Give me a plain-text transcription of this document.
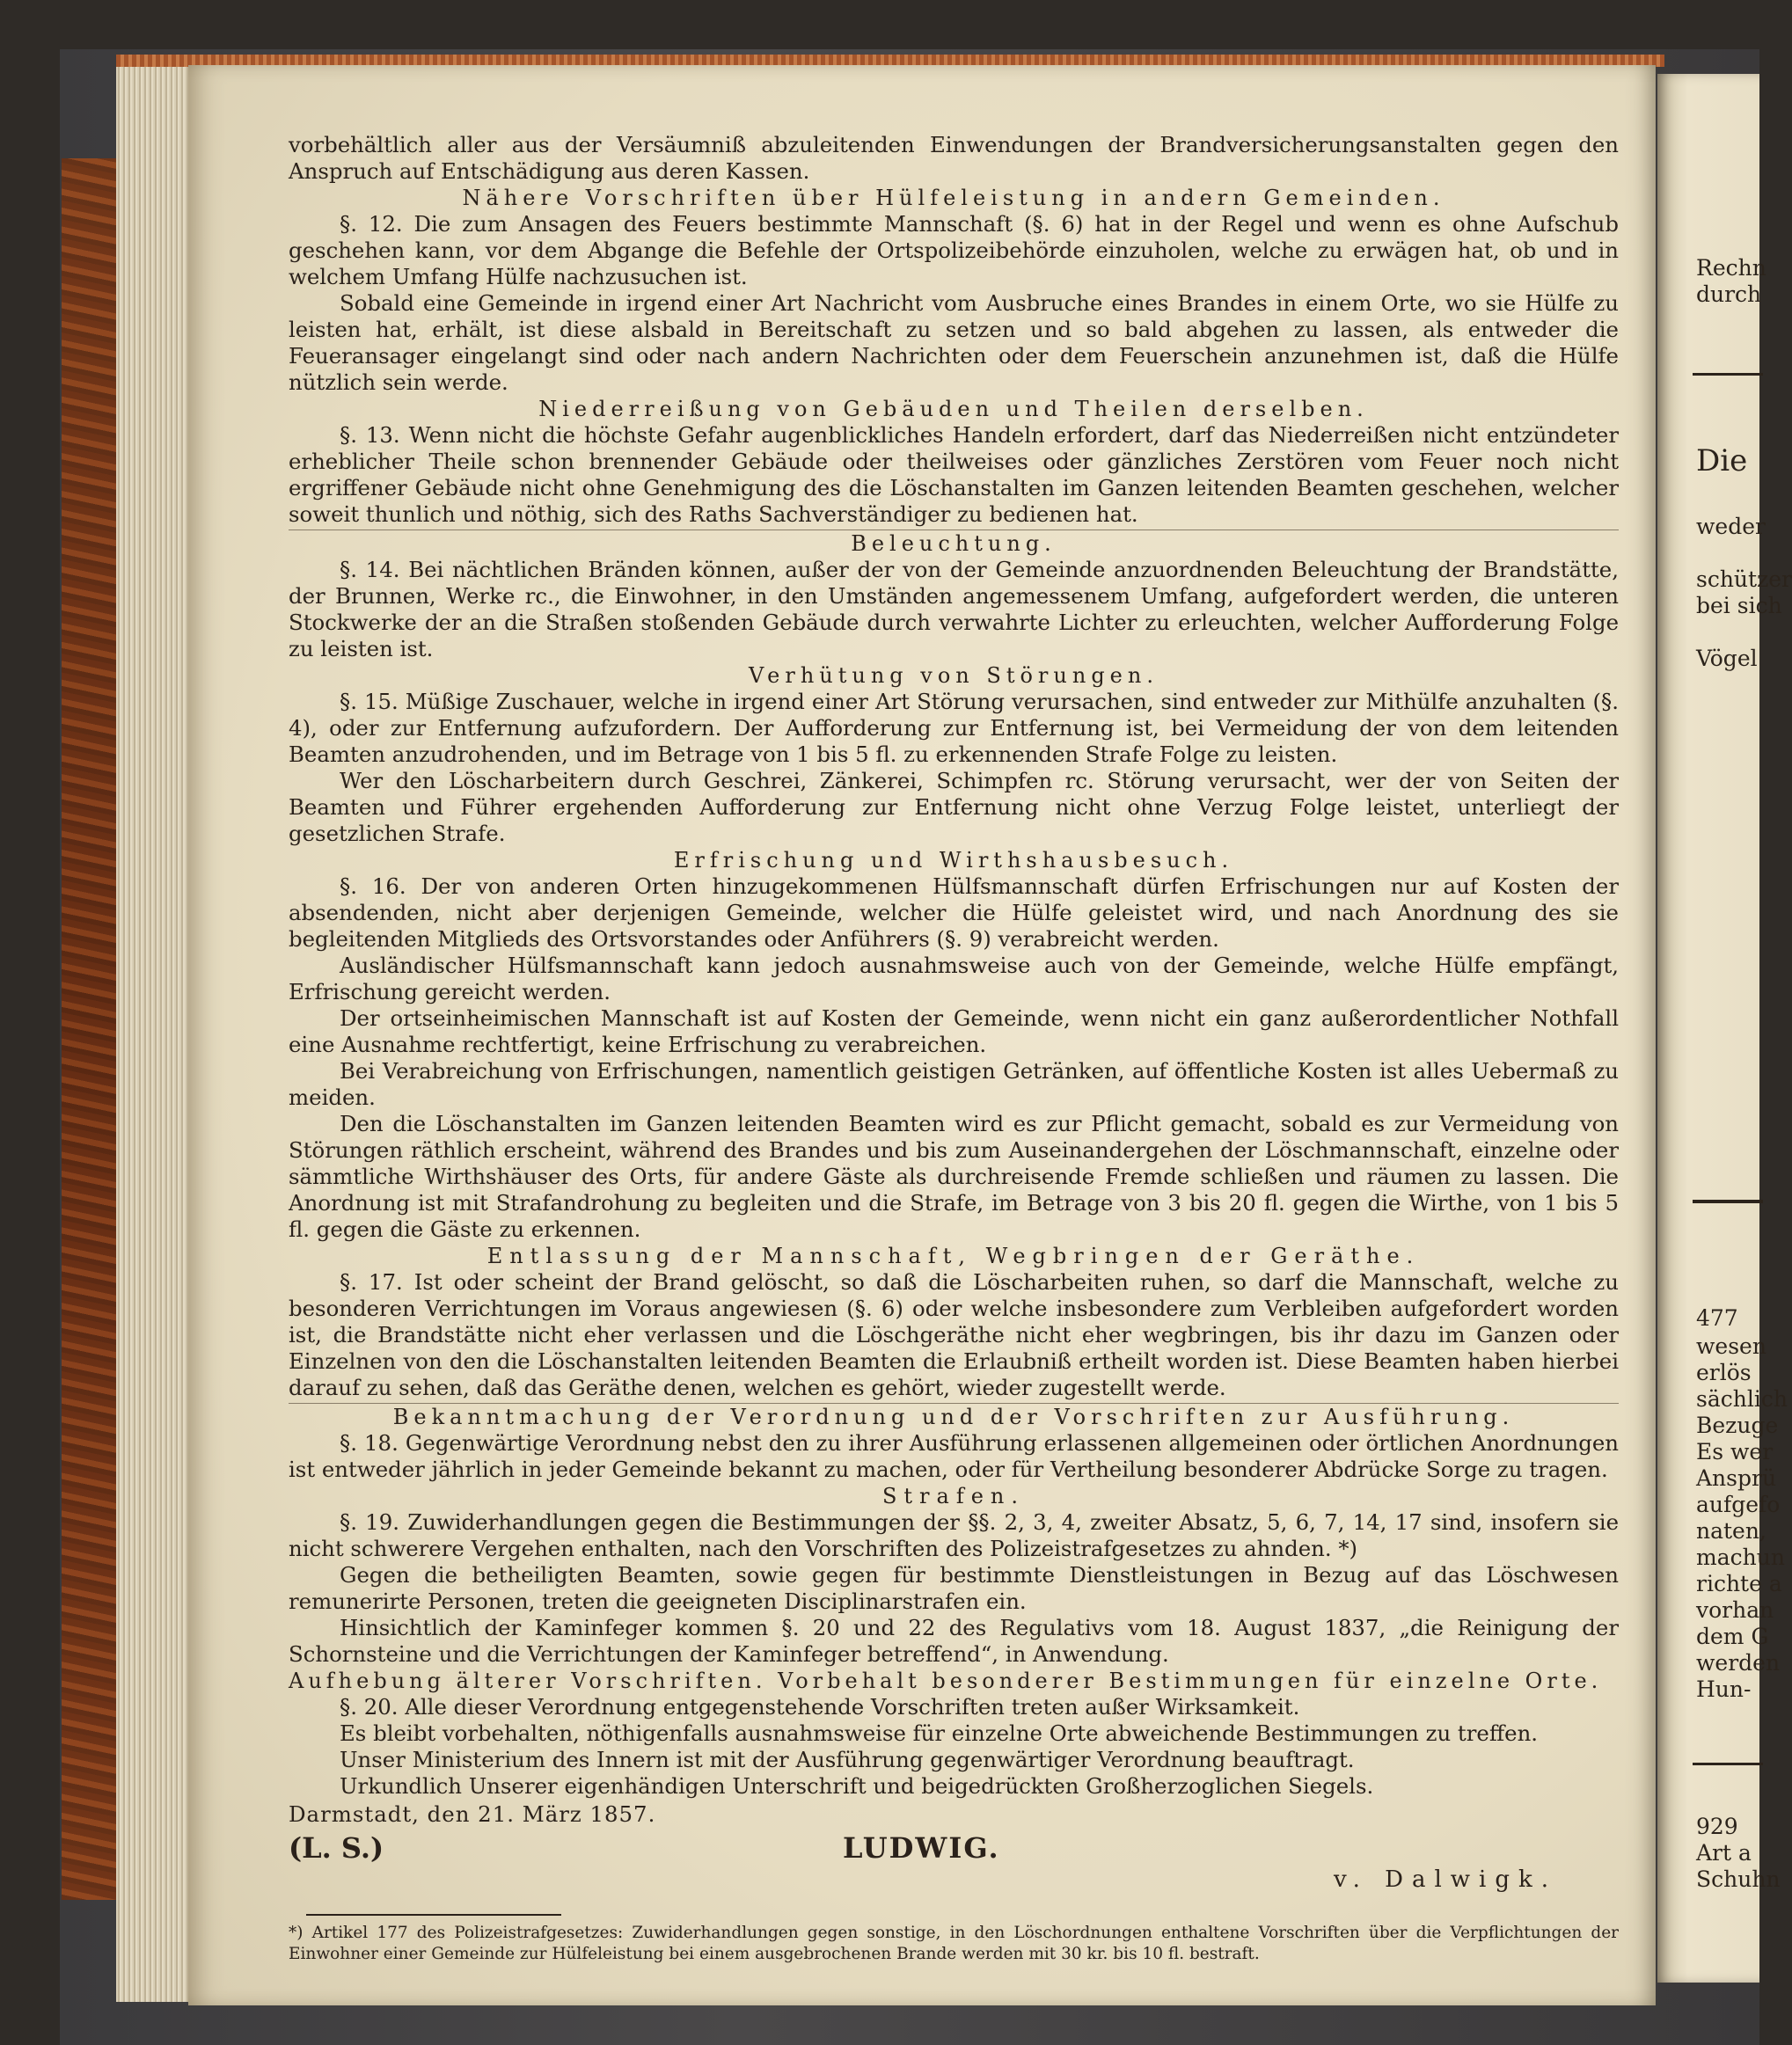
Rechn
durch
Die
weder
schützer
bei sich
Vögel
477
wesen
erlös
sächlich
Bezuge
Es wer
Ansprü
aufgefo
naten,
machun
richte a
vorhan
dem G
werden
Hun-
929
Art a
Schuhn

vorbehältlich aller aus der Versäumniß abzuleitenden Einwendungen der Brandversicherungsanstalten gegen den Anspruch auf Entschädigung aus deren Kassen.

Nähere Vorschriften über Hülfeleistung in andern Gemeinden.

§. 12. Die zum Ansagen des Feuers bestimmte Mannschaft (§. 6) hat in der Regel und wenn es ohne Aufschub geschehen kann, vor dem Abgange die Befehle der Ortspolizeibehörde einzuholen, welche zu erwägen hat, ob und in welchem Umfang Hülfe nachzusuchen ist.

Sobald eine Gemeinde in irgend einer Art Nachricht vom Ausbruche eines Brandes in einem Orte, wo sie Hülfe zu leisten hat, erhält, ist diese alsbald in Bereitschaft zu setzen und so bald abgehen zu lassen, als entweder die Feueransager eingelangt sind oder nach andern Nachrichten oder dem Feuerschein anzunehmen ist, daß die Hülfe nützlich sein werde.

Niederreißung von Gebäuden und Theilen derselben.

§. 13. Wenn nicht die höchste Gefahr augenblickliches Handeln erfordert, darf das Niederreißen nicht entzündeter erheblicher Theile schon brennender Gebäude oder theilweises oder gänzliches Zerstören vom Feuer noch nicht ergriffener Gebäude nicht ohne Genehmigung des die Löschanstalten im Ganzen leitenden Beamten geschehen, welcher soweit thunlich und nöthig, sich des Raths Sachverständiger zu bedienen hat.

Beleuchtung.

§. 14. Bei nächtlichen Bränden können, außer der von der Gemeinde anzuordnenden Beleuchtung der Brandstätte, der Brunnen, Werke rc., die Einwohner, in den Umständen angemessenem Umfang, aufgefordert werden, die unteren Stockwerke der an die Straßen stoßenden Gebäude durch verwahrte Lichter zu erleuchten, welcher Aufforderung Folge zu leisten ist.

Verhütung von Störungen.

§. 15. Müßige Zuschauer, welche in irgend einer Art Störung verursachen, sind entweder zur Mithülfe anzuhalten (§. 4), oder zur Entfernung aufzufordern. Der Aufforderung zur Entfernung ist, bei Vermeidung der von dem leitenden Beamten anzudrohenden, und im Betrage von 1 bis 5 fl. zu erkennenden Strafe Folge zu leisten.

Wer den Löscharbeitern durch Geschrei, Zänkerei, Schimpfen rc. Störung verursacht, wer der von Seiten der Beamten und Führer ergehenden Aufforderung zur Entfernung nicht ohne Verzug Folge leistet, unterliegt der gesetzlichen Strafe.

Erfrischung und Wirthshausbesuch.

§. 16. Der von anderen Orten hinzugekommenen Hülfsmannschaft dürfen Erfrischungen nur auf Kosten der absendenden, nicht aber derjenigen Gemeinde, welcher die Hülfe geleistet wird, und nach Anordnung des sie begleitenden Mitglieds des Ortsvorstandes oder Anführers (§. 9) verabreicht werden.

Ausländischer Hülfsmannschaft kann jedoch ausnahmsweise auch von der Gemeinde, welche Hülfe empfängt, Erfrischung gereicht werden.

Der ortseinheimischen Mannschaft ist auf Kosten der Gemeinde, wenn nicht ein ganz außerordentlicher Nothfall eine Ausnahme rechtfertigt, keine Erfrischung zu verabreichen.

Bei Verabreichung von Erfrischungen, namentlich geistigen Getränken, auf öffentliche Kosten ist alles Uebermaß zu meiden.

Den die Löschanstalten im Ganzen leitenden Beamten wird es zur Pflicht gemacht, sobald es zur Vermeidung von Störungen räthlich erscheint, während des Brandes und bis zum Auseinandergehen der Löschmannschaft, einzelne oder sämmtliche Wirthshäuser des Orts, für andere Gäste als durchreisende Fremde schließen und räumen zu lassen. Die Anordnung ist mit Strafandrohung zu begleiten und die Strafe, im Betrage von 3 bis 20 fl. gegen die Wirthe, von 1 bis 5 fl. gegen die Gäste zu erkennen.

Entlassung der Mannschaft, Wegbringen der Geräthe.

§. 17. Ist oder scheint der Brand gelöscht, so daß die Löscharbeiten ruhen, so darf die Mannschaft, welche zu besonderen Verrichtungen im Voraus angewiesen (§. 6) oder welche insbesondere zum Verbleiben aufgefordert worden ist, die Brandstätte nicht eher verlassen und die Löschgeräthe nicht eher wegbringen, bis ihr dazu im Ganzen oder Einzelnen von den die Löschanstalten leitenden Beamten die Erlaubniß ertheilt worden ist. Diese Beamten haben hierbei darauf zu sehen, daß das Geräthe denen, welchen es gehört, wieder zugestellt werde.

Bekanntmachung der Verordnung und der Vorschriften zur Ausführung.

§. 18. Gegenwärtige Verordnung nebst den zu ihrer Ausführung erlassenen allgemeinen oder örtlichen Anordnungen ist entweder jährlich in jeder Gemeinde bekannt zu machen, oder für Vertheilung besonderer Abdrücke Sorge zu tragen.

Strafen.

§. 19. Zuwiderhandlungen gegen die Bestimmungen der §§. 2, 3, 4, zweiter Absatz, 5, 6, 7, 14, 17 sind, insofern sie nicht schwerere Vergehen enthalten, nach den Vorschriften des Polizeistrafgesetzes zu ahnden. *)

Gegen die betheiligten Beamten, sowie gegen für bestimmte Dienstleistungen in Bezug auf das Löschwesen remunerirte Personen, treten die geeigneten Disciplinarstrafen ein.

Hinsichtlich der Kaminfeger kommen §. 20 und 22 des Regulativs vom 18. August 1837, „die Reinigung der Schornsteine und die Verrichtungen der Kaminfeger betreffend“, in Anwendung.

Aufhebung älterer Vorschriften. Vorbehalt besonderer Bestimmungen für einzelne Orte.

§. 20. Alle dieser Verordnung entgegenstehende Vorschriften treten außer Wirksamkeit.

Es bleibt vorbehalten, nöthigenfalls ausnahmsweise für einzelne Orte abweichende Bestimmungen zu treffen.

Unser Ministerium des Innern ist mit der Ausführung gegenwärtiger Verordnung beauftragt.

Urkundlich Unserer eigenhändigen Unterschrift und beigedrückten Großherzoglichen Siegels.

Darmstadt, den 21. März 1857.

(L. S.)	LUDWIG.
v. Dalwigk.

*) Artikel 177 des Polizeistrafgesetzes: Zuwiderhandlungen gegen sonstige, in den Löschordnungen enthaltene Vorschriften über die Verpflichtungen der Einwohner einer Gemeinde zur Hülfeleistung bei einem ausgebrochenen Brande werden mit 30 kr. bis 10 fl. bestraft.
